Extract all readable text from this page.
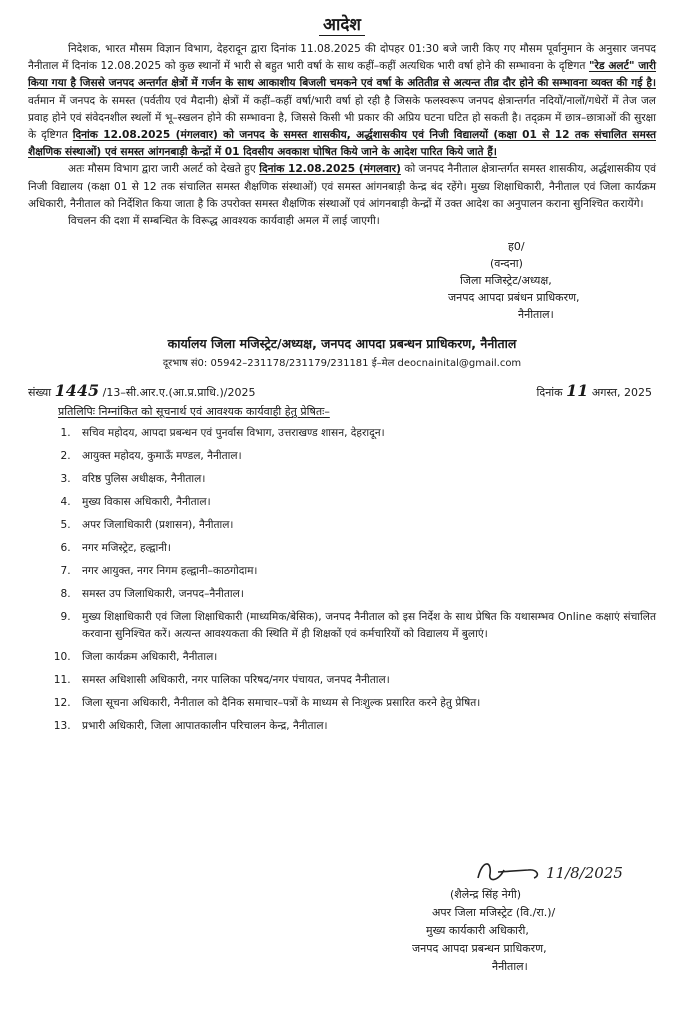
आदेश

निदेशक, भारत मौसम विज्ञान विभाग, देहरादून द्वारा दिनांक 11.08.2025 की दोपहर 01:30 बजे जारी किए गए मौसम पूर्वानुमान के अनुसार जनपद नैनीताल में दिनांक 12.08.2025 को कुछ स्थानों में भारी से बहुत भारी वर्षा के साथ कहीं–कहीं अत्यधिक भारी वर्षा होने की सम्भावना के दृष्टिगत "रेड अलर्ट" जारी किया गया है जिससे जनपद अन्तर्गत क्षेत्रों में गर्जन के साथ आकाशीय बिजली चमकने एवं वर्षा के अतितीव्र से अत्यन्त तीव्र दौर होने की सम्भावना व्यक्त की गई है। वर्तमान में जनपद के समस्त (पर्वतीय एवं मैदानी) क्षेत्रों में कहीं–कहीं वर्षा/भारी वर्षा हो रही है जिसके फलस्वरूप जनपद क्षेत्रान्तर्गत नदियों/नालों/गधेरों में तेज जल प्रवाह होने एवं संवेदनशील स्थलों में भू–स्खलन होने की सम्भावना है, जिससे किसी भी प्रकार की अप्रिय घटना घटित हो सकती है। तद्क्रम में छात्र–छात्राओं की सुरक्षा के दृष्टिगत दिनांक 12.08.2025 (मंगलवार) को जनपद के समस्त शासकीय, अर्द्धशासकीय एवं निजी विद्यालयों (कक्षा 01 से 12 तक संचालित समस्त शैक्षणिक संस्थाओं) एवं समस्त आंगनबाड़ी केन्द्रों में 01 दिवसीय अवकाश घोषित किये जाने के आदेश पारित किये जाते हैं।

अतः मौसम विभाग द्वारा जारी अलर्ट को देखते हुए दिनांक 12.08.2025 (मंगलवार) को जनपद नैनीताल क्षेत्रान्तर्गत समस्त शासकीय, अर्द्धशासकीय एवं निजी विद्यालय (कक्षा 01 से 12 तक संचालित समस्त शैक्षणिक संस्थाओं) एवं समस्त आंगनबाड़ी केन्द्र बंद रहेंगे। मुख्य शिक्षाधिकारी, नैनीताल एवं जिला कार्यक्रम अधिकारी, नैनीताल को निर्देशित किया जाता है कि उपरोक्त समस्त शैक्षणिक संस्थाओं एवं आंगनबाड़ी केन्द्रों में उक्त आदेश का अनुपालन कराना सुनिश्चित करायेंगे।

विचलन की दशा में सम्बन्धित के विरूद्ध आवश्यक कार्यवाही अमल में लाई जाएगी।

ह0/
(वन्दना)
जिला मजिस्ट्रेट/अध्यक्ष,
जनपद आपदा प्रबंधन प्राधिकरण,
नैनीताल।
कार्यालय जिला मजिस्ट्रेट/अध्यक्ष, जनपद आपदा प्रबन्धन प्राधिकरण, नैनीताल
दूरभाष सं0: 05942–231178/231179/231181 ई–मेल deocnainital@gmail.com
संख्या 1445 /13–सी.आर.ए.(आ.प्र.प्राधि.)/2025	दिनांक 11 अगस्त, 2025
प्रतिलिपिः निम्नांकित को सूचनार्थ एवं आवश्यक कार्यवाही हेतु प्रेषितः–
1. सचिव महोदय, आपदा प्रबन्धन एवं पुनर्वास विभाग, उत्तराखण्ड शासन, देहरादून।
2. आयुक्त महोदय, कुमाऊँ मण्डल, नैनीताल।
3. वरिष्ठ पुलिस अधीक्षक, नैनीताल।
4. मुख्य विकास अधिकारी, नैनीताल।
5. अपर जिलाधिकारी (प्रशासन), नैनीताल।
6. नगर मजिस्ट्रेट, हल्द्वानी।
7. नगर आयुक्त, नगर निगम हल्द्वानी–काठगोदाम।
8. समस्त उप जिलाधिकारी, जनपद–नैनीताल।
9. मुख्य शिक्षाधिकारी एवं जिला शिक्षाधिकारी (माध्यमिक/बेसिक), जनपद नैनीताल को इस निर्देश के साथ प्रेषित कि यथासम्भव Online कक्षाएं संचालित करवाना सुनिश्चित करें। अत्यन्त आवश्यकता की स्थिति में ही शिक्षकों एवं कर्मचारियों को विद्यालय में बुलाएं।
10. जिला कार्यक्रम अधिकारी, नैनीताल।
11. समस्त अधिशासी अधिकारी, नगर पालिका परिषद/नगर पंचायत, जनपद नैनीताल।
12. जिला सूचना अधिकारी, नैनीताल को दैनिक समाचार–पत्रों के माध्यम से निःशुल्क प्रसारित करने हेतु प्रेषित।
13. प्रभारी अधिकारी, जिला आपातकालीन परिचालन केन्द्र, नैनीताल।
11/8/2025
(शैलेन्द्र सिंह नेगी)
अपर जिला मजिस्ट्रेट (वि./रा.)/
मुख्य कार्यकारी अधिकारी,
जनपद आपदा प्रबन्धन प्राधिकरण,
नैनीताल।
